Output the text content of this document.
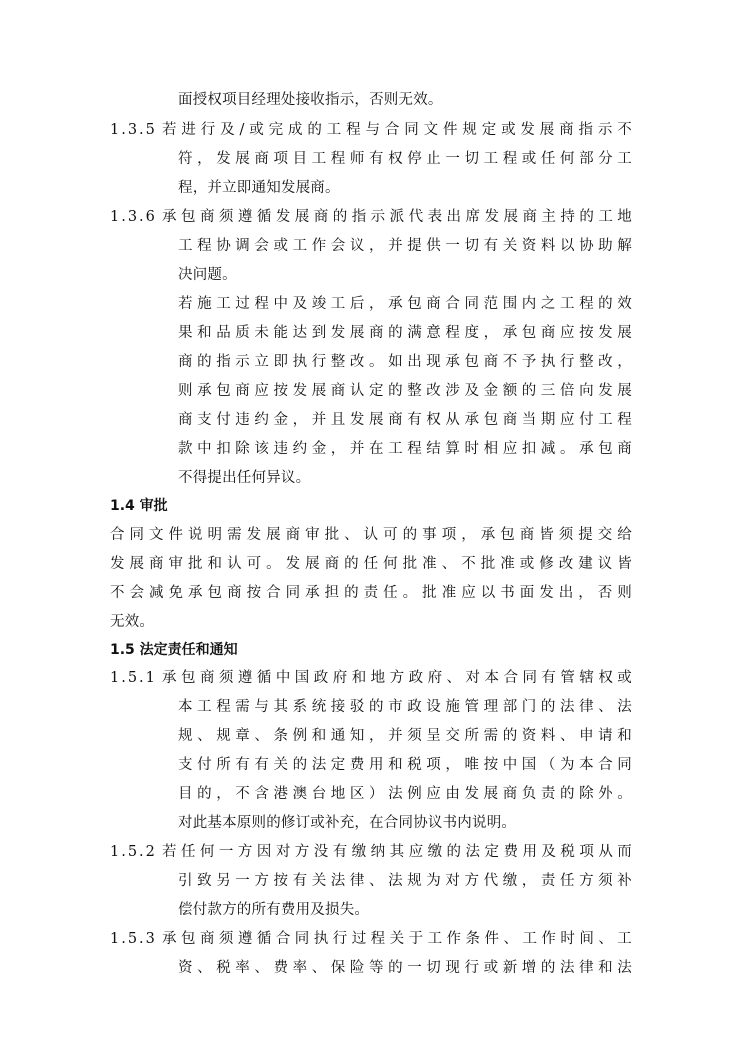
面授权项目经理处接收指示，否则无效。
1.3.5 若进行及/或完成的工程与合同文件规定或发展商指示不
符，发展商项目工程师有权停止一切工程或任何部分工
程，并立即通知发展商。
1.3.6 承包商须遵循发展商的指示派代表出席发展商主持的工地
工程协调会或工作会议，并提供一切有关资料以协助解
决问题。
若施工过程中及竣工后，承包商合同范围内之工程的效
果和品质未能达到发展商的满意程度，承包商应按发展
商的指示立即执行整改。如出现承包商不予执行整改，
则承包商应按发展商认定的整改涉及金额的三倍向发展
商支付违约金，并且发展商有权从承包商当期应付工程
款中扣除该违约金，并在工程结算时相应扣减。承包商
不得提出任何异议。
1.4 审批
合同文件说明需发展商审批、认可的事项，承包商皆须提交给
发展商审批和认可。发展商的任何批准、不批准或修改建议皆
不会减免承包商按合同承担的责任。批准应以书面发出，否则
无效。
1.5 法定责任和通知
1.5.1 承包商须遵循中国政府和地方政府、对本合同有管辖权或
本工程需与其系统接驳的市政设施管理部门的法律、法
规、规章、条例和通知，并须呈交所需的资料、申请和
支付所有有关的法定费用和税项，唯按中国（为本合同
目的，不含港澳台地区）法例应由发展商负责的除外。
对此基本原则的修订或补充，在合同协议书内说明。
1.5.2 若任何一方因对方没有缴纳其应缴的法定费用及税项从而
引致另一方按有关法律、法规为对方代缴，责任方须补
偿付款方的所有费用及损失。
1.5.3 承包商须遵循合同执行过程关于工作条件、工作时间、工
资、税率、费率、保险等的一切现行或新增的法律和法
